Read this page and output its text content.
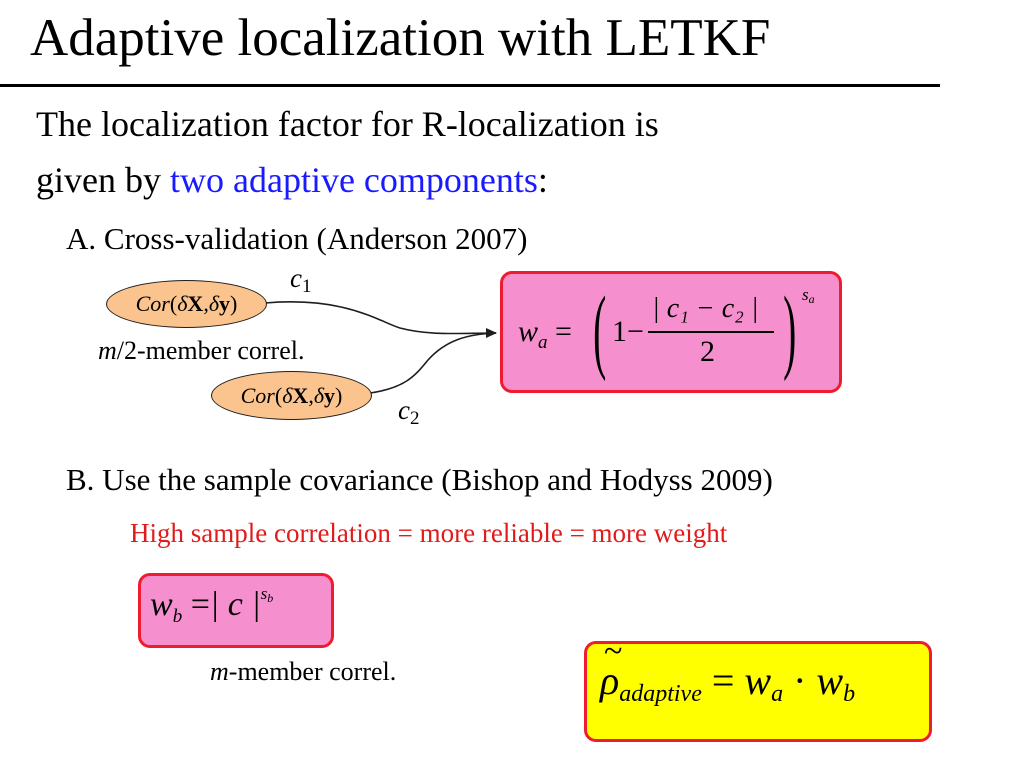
Adaptive localization with LETKF
The localization factor for R-localization is
given by two adaptive components:
A. Cross-validation (Anderson 2007)
Cor ( δ X , δ y )
Cor ( δ X , δ y )
$c_1$
$c_2$
m/2-member correl.
$w_a$ = ( 1−
| c₁ − c₂ |
2 ) sa
B. Use the sample covariance (Bishop and Hodyss 2009)
High sample correlation = more reliable = more weight
$w_b$ =| c $|^{sb}$
m-member correl.
~	$\rho_{adaptive} = w_a \cdot w_b$
